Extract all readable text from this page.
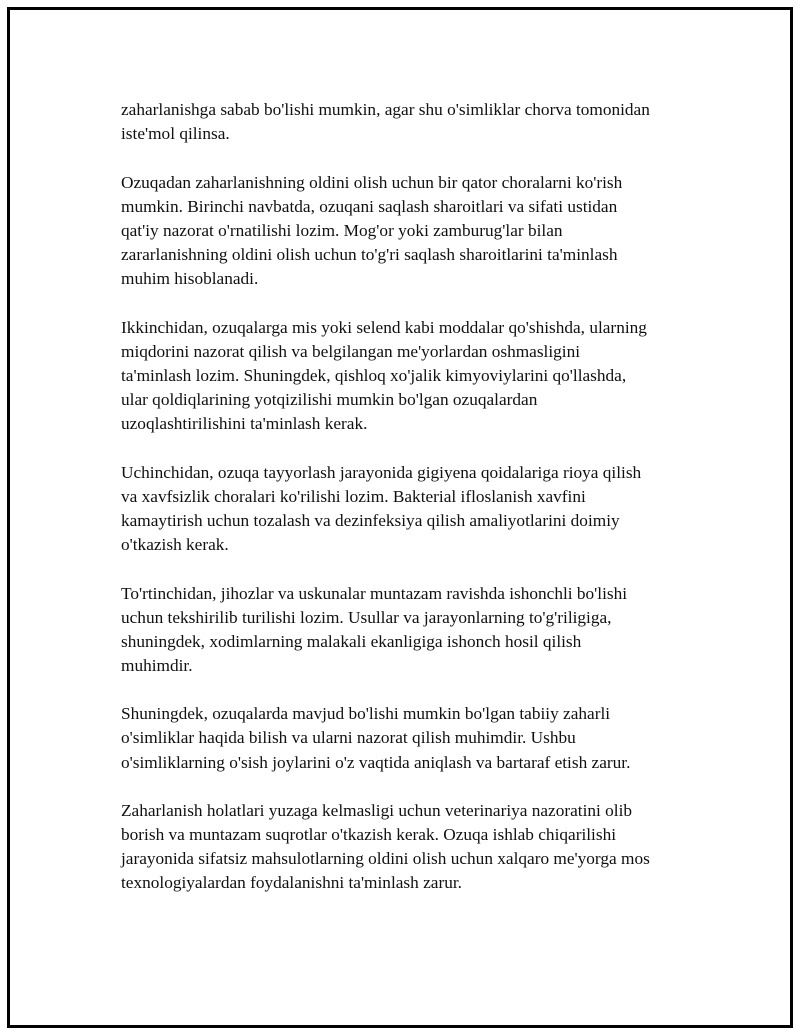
zaharlanishga sabab bo'lishi mumkin, agar shu o'simliklar chorva tomonidan
iste'mol qilinsa.

Ozuqadan zaharlanishning oldini olish uchun bir qator choralarni ko'rish
mumkin. Birinchi navbatda, ozuqani saqlash sharoitlari va sifati ustidan
qat'iy nazorat o'rnatilishi lozim. Mog'or yoki zamburug'lar bilan
zararlanishning oldini olish uchun to'g'ri saqlash sharoitlarini ta'minlash
muhim hisoblanadi.

Ikkinchidan, ozuqalarga mis yoki selend kabi moddalar qo'shishda, ularning
miqdorini nazorat qilish va belgilangan me'yorlardan oshmasligini
ta'minlash lozim. Shuningdek, qishloq xo'jalik kimyoviylarini qo'llashda,
ular qoldiqlarining yotqizilishi mumkin bo'lgan ozuqalardan
uzoqlashtirilishini ta'minlash kerak.

Uchinchidan, ozuqa tayyorlash jarayonida gigiyena qoidalariga rioya qilish
va xavfsizlik choralari ko'rilishi lozim. Bakterial ifloslanish xavfini
kamaytirish uchun tozalash va dezinfeksiya qilish amaliyotlarini doimiy
o'tkazish kerak.

To'rtinchidan, jihozlar va uskunalar muntazam ravishda ishonchli bo'lishi
uchun tekshirilib turilishi lozim. Usullar va jarayonlarning to'g'riligiga,
shuningdek, xodimlarning malakali ekanligiga ishonch hosil qilish
muhimdir.

Shuningdek, ozuqalarda mavjud bo'lishi mumkin bo'lgan tabiiy zaharli
o'simliklar haqida bilish va ularni nazorat qilish muhimdir. Ushbu
o'simliklarning o'sish joylarini o'z vaqtida aniqlash va bartaraf etish zarur.

Zaharlanish holatlari yuzaga kelmasligi uchun veterinariya nazoratini olib
borish va muntazam suqrotlar o'tkazish kerak. Ozuqa ishlab chiqarilishi
jarayonida sifatsiz mahsulotlarning oldini olish uchun xalqaro me'yorga mos
texnologiyalardan foydalanishni ta'minlash zarur.
